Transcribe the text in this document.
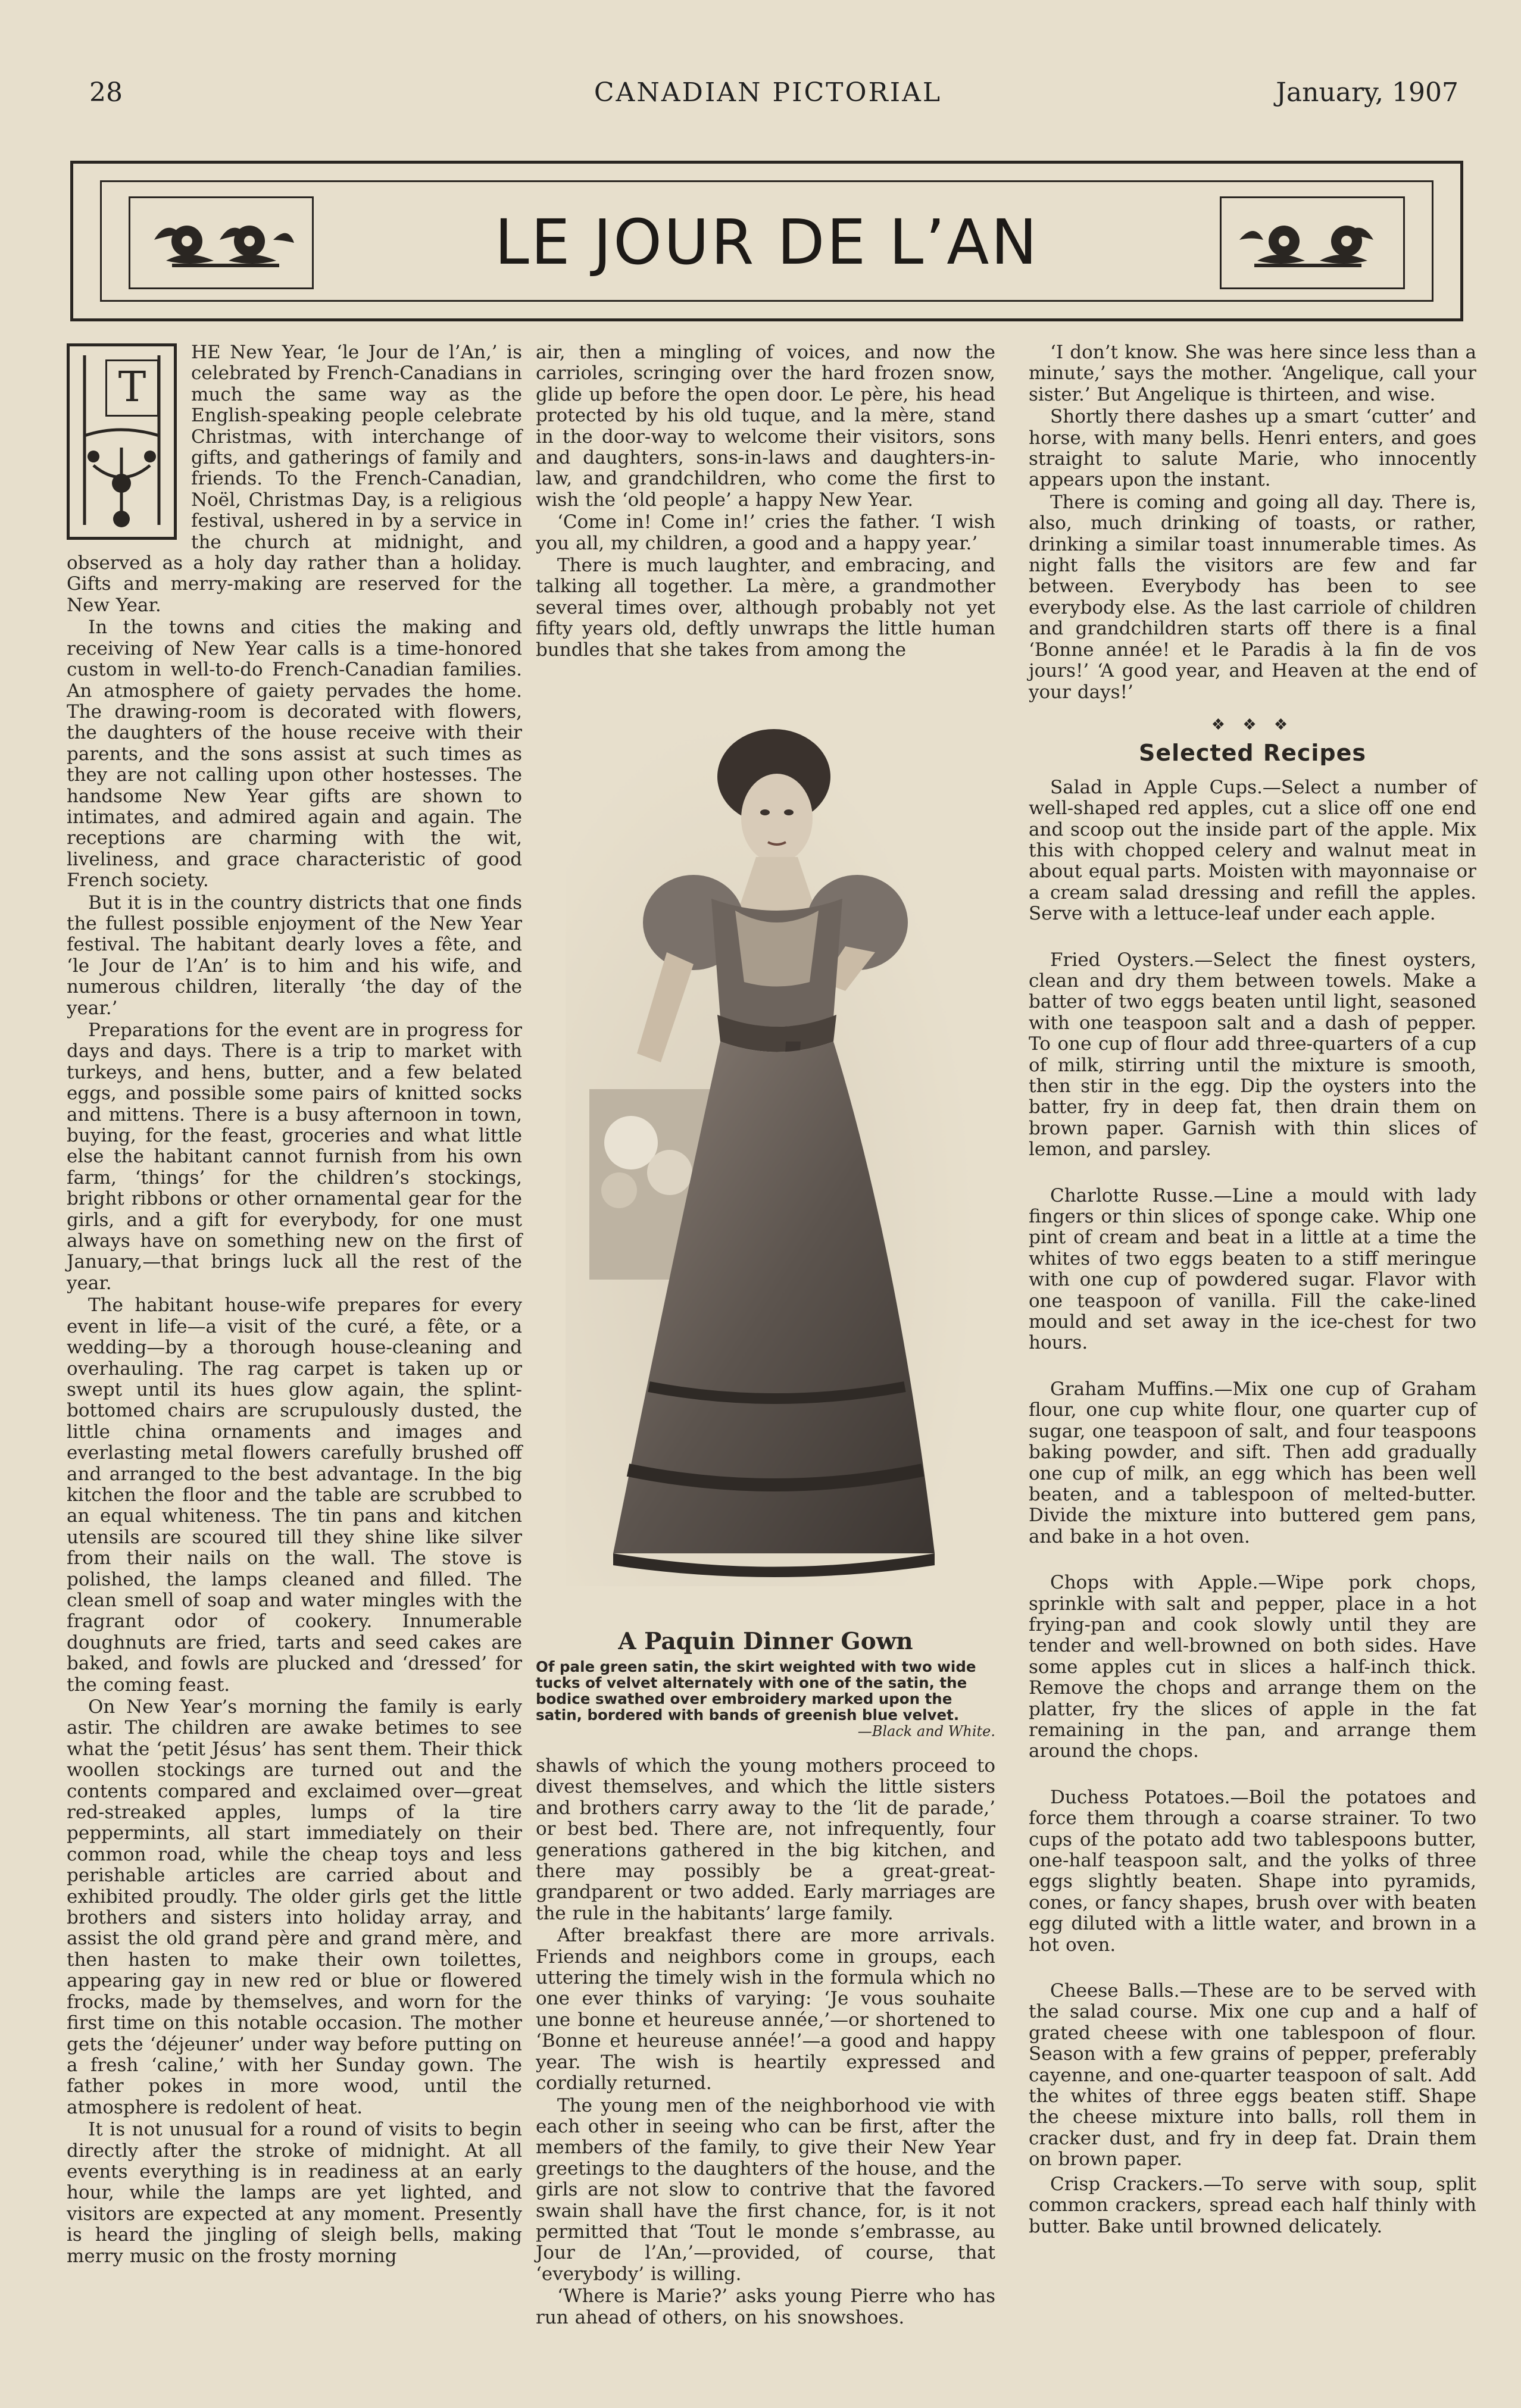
28	CANADIAN PICTORIAL	January, 1907
LE JOUR DE L’AN
T

HE New Year, ‘le Jour de l’An,’ is celebrated by French-Canadians in much the same way as the English-speaking people celebrate Christmas, with interchange of gifts, and gatherings of family and friends. To the French-Canadian, Noël, Christmas Day, is a religious festival, ushered in by a service in the church at midnight, and observed as a holy day rather than a holiday. Gifts and merry-making are reserved for the New Year.

In the towns and cities the making and receiving of New Year calls is a time-honored custom in well-to-do French-Canadian families. An atmosphere of gaiety pervades the home. The drawing-room is decorated with flowers, the daughters of the house receive with their parents, and the sons assist at such times as they are not calling upon other hostesses. The handsome New Year gifts are shown to intimates, and admired again and again. The receptions are charming with the wit, liveliness, and grace characteristic of good French society.

But it is in the country districts that one finds the fullest possible enjoyment of the New Year festival. The habitant dearly loves a fête, and ‘le Jour de l’An’ is to him and his wife, and numerous children, literally ‘the day of the year.’

Preparations for the event are in progress for days and days. There is a trip to market with turkeys, and hens, butter, and a few belated eggs, and possible some pairs of knitted socks and mittens. There is a busy afternoon in town, buying, for the feast, groceries and what little else the habitant cannot furnish from his own farm, ‘things’ for the children’s stockings, bright ribbons or other ornamental gear for the girls, and a gift for everybody, for one must always have on something new on the first of January,—that brings luck all the rest of the year.

The habitant house-wife prepares for every event in life—a visit of the curé, a fête, or a wedding—by a thorough house-cleaning and overhauling. The rag carpet is taken up or swept until its hues glow again, the splint-bottomed chairs are scrupulously dusted, the little china ornaments and images and everlasting metal flowers carefully brushed off and arranged to the best advantage. In the big kitchen the floor and the table are scrubbed to an equal whiteness. The tin pans and kitchen utensils are scoured till they shine like silver from their nails on the wall. The stove is polished, the lamps cleaned and filled. The clean smell of soap and water mingles with the fragrant odor of cookery. Innumerable doughnuts are fried, tarts and seed cakes are baked, and fowls are plucked and ‘dressed’ for the coming feast.

On New Year’s morning the family is early astir. The children are awake betimes to see what the ‘petit Jésus’ has sent them. Their thick woollen stockings are turned out and the contents compared and exclaimed over—great red-streaked apples, lumps of la tire peppermints, all start immediately on their common road, while the cheap toys and less perishable articles are carried about and exhibited proudly. The older girls get the little brothers and sisters into holiday array, and assist the old grand père and grand mère, and then hasten to make their own toilettes, appearing gay in new red or blue or flowered frocks, made by themselves, and worn for the first time on this notable occasion. The mother gets the ‘déjeuner’ under way before putting on a fresh ‘caline,’ with her Sunday gown. The father pokes in more wood, until the atmosphere is redolent of heat.

It is not unusual for a round of visits to begin directly after the stroke of midnight. At all events everything is in readiness at an early hour, while the lamps are yet lighted, and visitors are expected at any moment. Presently is heard the jingling of sleigh bells, making merry music on the frosty morning

air, then a mingling of voices, and now the carrioles, scringing over the hard frozen snow, glide up before the open door. Le père, his head protected by his old tuque, and la mère, stand in the door-way to welcome their visitors, sons and daughters, sons-in-laws and daughters-in-law, and grandchildren, who come the first to wish the ‘old people’ a happy New Year.

‘Come in! Come in!’ cries the father. ‘I wish you all, my children, a good and a happy year.’

There is much laughter, and embracing, and talking all together. La mère, a grandmother several times over, although probably not yet fifty years old, deftly unwraps the little human bundles that she takes from among the

A Paquin Dinner Gown
Of pale green satin, the skirt weighted with two wide tucks of velvet alternately with one of the satin, the bodice swathed over embroidery marked upon the satin, bordered with bands of greenish blue velvet.
—Black and White.

shawls of which the young mothers proceed to divest themselves, and which the little sisters and brothers carry away to the ‘lit de parade,’ or best bed. There are, not infrequently, four generations gathered in the big kitchen, and there may possibly be a great-great-grandparent or two added. Early marriages are the rule in the habitants’ large family.

After breakfast there are more arrivals. Friends and neighbors come in groups, each uttering the timely wish in the formula which no one ever thinks of varying: ‘Je vous souhaite une bonne et heureuse année,’—or shortened to ‘Bonne et heureuse année!’—a good and happy year. The wish is heartily expressed and cordially returned.

The young men of the neighborhood vie with each other in seeing who can be first, after the members of the family, to give their New Year greetings to the daughters of the house, and the girls are not slow to contrive that the favored swain shall have the first chance, for, is it not permitted that ‘Tout le monde s’embrasse, au Jour de l’An,’—provided, of course, that ‘everybody’ is willing.

‘Where is Marie?’ asks young Pierre who has run ahead of others, on his snowshoes.

‘I don’t know. She was here since less than a minute,’ says the mother. ‘Angelique, call your sister.’ But Angelique is thirteen, and wise.

Shortly there dashes up a smart ‘cutter’ and horse, with many bells. Henri enters, and goes straight to salute Marie, who innocently appears upon the instant.

There is coming and going all day. There is, also, much drinking of toasts, or rather, drinking a similar toast innumerable times. As night falls the visitors are few and far between. Everybody has been to see everybody else. As the last carriole of children and grandchildren starts off there is a final ‘Bonne année! et le Paradis à la fin de vos jours!’ ‘A good year, and Heaven at the end of your days!’

❖ ❖ ❖
Selected Recipes

Salad in Apple Cups.—Select a number of well-shaped red apples, cut a slice off one end and scoop out the inside part of the apple. Mix this with chopped celery and walnut meat in about equal parts. Moisten with mayonnaise or a cream salad dressing and refill the apples. Serve with a lettuce-leaf under each apple.

Fried Oysters.—Select the finest oysters, clean and dry them between towels. Make a batter of two eggs beaten until light, seasoned with one teaspoon salt and a dash of pepper. To one cup of flour add three-quarters of a cup of milk, stirring until the mixture is smooth, then stir in the egg. Dip the oysters into the batter, fry in deep fat, then drain them on brown paper. Garnish with thin slices of lemon, and parsley.

Charlotte Russe.—Line a mould with lady fingers or thin slices of sponge cake. Whip one pint of cream and beat in a little at a time the whites of two eggs beaten to a stiff meringue with one cup of powdered sugar. Flavor with one teaspoon of vanilla. Fill the cake-lined mould and set away in the ice-chest for two hours.

Graham Muffins.—Mix one cup of Graham flour, one cup white flour, one quarter cup of sugar, one teaspoon of salt, and four teaspoons baking powder, and sift. Then add gradually one cup of milk, an egg which has been well beaten, and a tablespoon of melted-butter. Divide the mixture into buttered gem pans, and bake in a hot oven.

Chops with Apple.—Wipe pork chops, sprinkle with salt and pepper, place in a hot frying-pan and cook slowly until they are tender and well-browned on both sides. Have some apples cut in slices a half-inch thick. Remove the chops and arrange them on the platter, fry the slices of apple in the fat remaining in the pan, and arrange them around the chops.

Duchess Potatoes.—Boil the potatoes and force them through a coarse strainer. To two cups of the potato add two tablespoons butter, one-half teaspoon salt, and the yolks of three eggs slightly beaten. Shape into pyramids, cones, or fancy shapes, brush over with beaten egg diluted with a little water, and brown in a hot oven.

Cheese Balls.—These are to be served with the salad course. Mix one cup and a half of grated cheese with one tablespoon of flour. Season with a few grains of pepper, preferably cayenne, and one-quarter teaspoon of salt. Add the whites of three eggs beaten stiff. Shape the cheese mixture into balls, roll them in cracker dust, and fry in deep fat. Drain them on brown paper.

Crisp Crackers.—To serve with soup, split common crackers, spread each half thinly with butter. Bake until browned delicately.
